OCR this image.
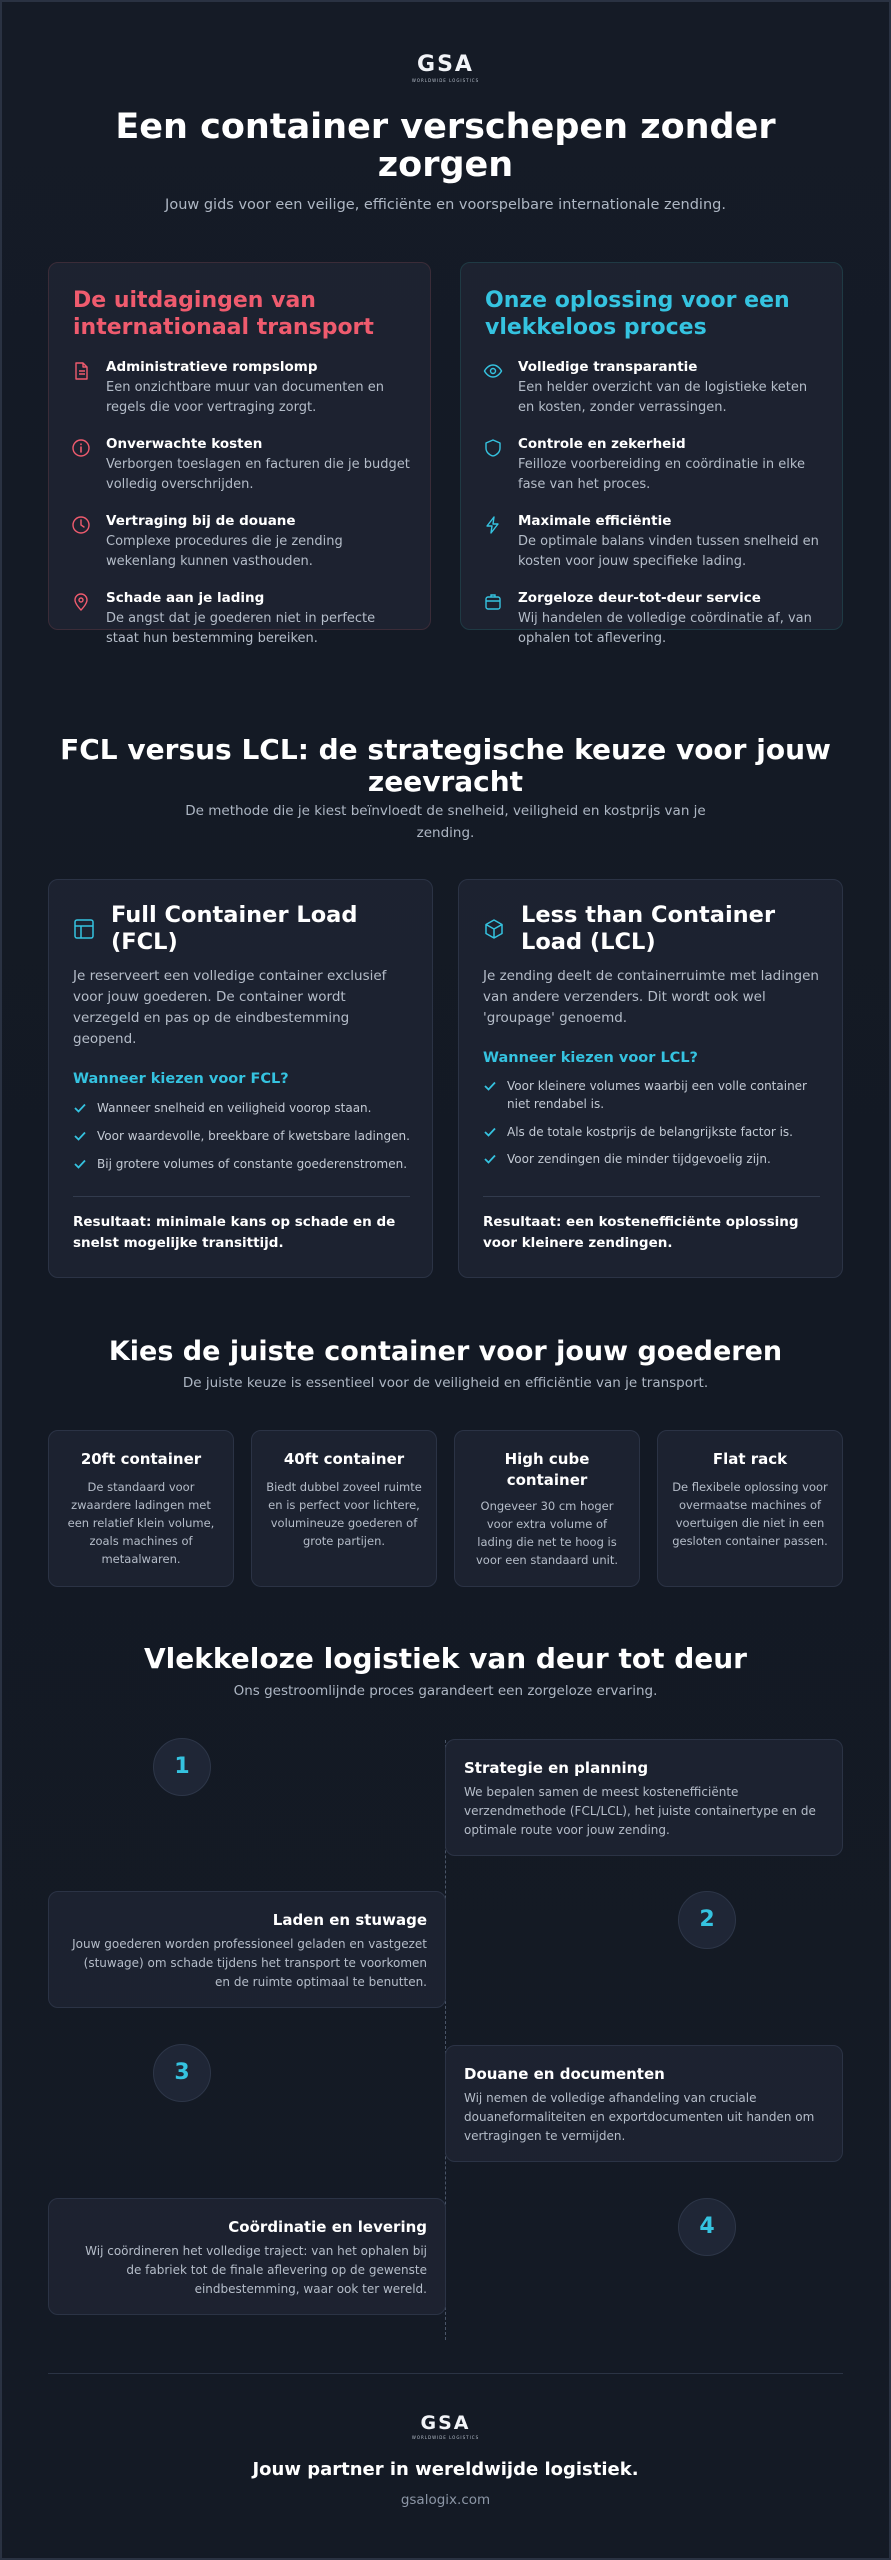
GSA
WORLDWIDE LOGISTICS
Een container verschepen zonder zorgen
Jouw gids voor een veilige, efficiënte en voorspelbare internationale zending.
De uitdagingen van internationaal transport
Administratieve rompslomp
Een onzichtbare muur van documenten en regels die voor vertraging zorgt.
Onverwachte kosten
Verborgen toeslagen en facturen die je budget volledig overschrijden.
Vertraging bij de douane
Complexe procedures die je zending wekenlang kunnen vasthouden.
Schade aan je lading
De angst dat je goederen niet in perfecte staat hun bestemming bereiken.
Onze oplossing voor een vlekkeloos proces
Volledige transparantie
Een helder overzicht van de logistieke keten en kosten, zonder verrassingen.
Controle en zekerheid
Feilloze voorbereiding en coördinatie in elke fase van het proces.
Maximale efficiëntie
De optimale balans vinden tussen snelheid en kosten voor jouw specifieke lading.
Zorgeloze deur-tot-deur service
Wij handelen de volledige coördinatie af, van ophalen tot aflevering.
FCL versus LCL: de strategische keuze voor jouw zeevracht
De methode die je kiest beïnvloedt de snelheid, veiligheid en kostprijs van je zending.
Full Container Load (FCL)
Je reserveert een volledige container exclusief voor jouw goederen. De container wordt verzegeld en pas op de eindbestemming geopend.
Wanneer kiezen voor FCL?
Wanneer snelheid en veiligheid voorop staan.
Voor waardevolle, breekbare of kwetsbare ladingen.
Bij grotere volumes of constante goederenstromen.
Resultaat: minimale kans op schade en de snelst mogelijke transittijd.
Less than Container Load (LCL)
Je zending deelt de containerruimte met ladingen van andere verzenders. Dit wordt ook wel 'groupage' genoemd.
Wanneer kiezen voor LCL?
Voor kleinere volumes waarbij een volle container niet rendabel is.
Als de totale kostprijs de belangrijkste factor is.
Voor zendingen die minder tijdgevoelig zijn.
Resultaat: een kostenefficiënte oplossing voor kleinere zendingen.
Kies de juiste container voor jouw goederen
De juiste keuze is essentieel voor de veiligheid en efficiëntie van je transport.
20ft container
De standaard voor zwaardere ladingen met een relatief klein volume, zoals machines of metaalwaren.
40ft container
Biedt dubbel zoveel ruimte en is perfect voor lichtere, volumineuze goederen of grote partijen.
High cube container
Ongeveer 30 cm hoger voor extra volume of lading die net te hoog is voor een standaard unit.
Flat rack
De flexibele oplossing voor overmaatse machines of voertuigen die niet in een gesloten container passen.
Vlekkeloze logistiek van deur tot deur
Ons gestroomlijnde proces garandeert een zorgeloze ervaring.
1	Strategie en planning
We bepalen samen de meest kostenefficiënte verzendmethode (FCL/LCL), het juiste containertype en de optimale route voor jouw zending.
Laden en stuwage
Jouw goederen worden professioneel geladen en vastgezet (stuwage) om schade tijdens het transport te voorkomen en de ruimte optimaal te benutten.
2
3	Douane en documenten
Wij nemen de volledige afhandeling van cruciale douaneformaliteiten en exportdocumenten uit handen om vertragingen te vermijden.
Coördinatie en levering
Wij coördineren het volledige traject: van het ophalen bij de fabriek tot de finale aflevering op de gewenste eindbestemming, waar ook ter wereld.
4
GSA
WORLDWIDE LOGISTICS
Jouw partner in wereldwijde logistiek.
gsalogix.com
